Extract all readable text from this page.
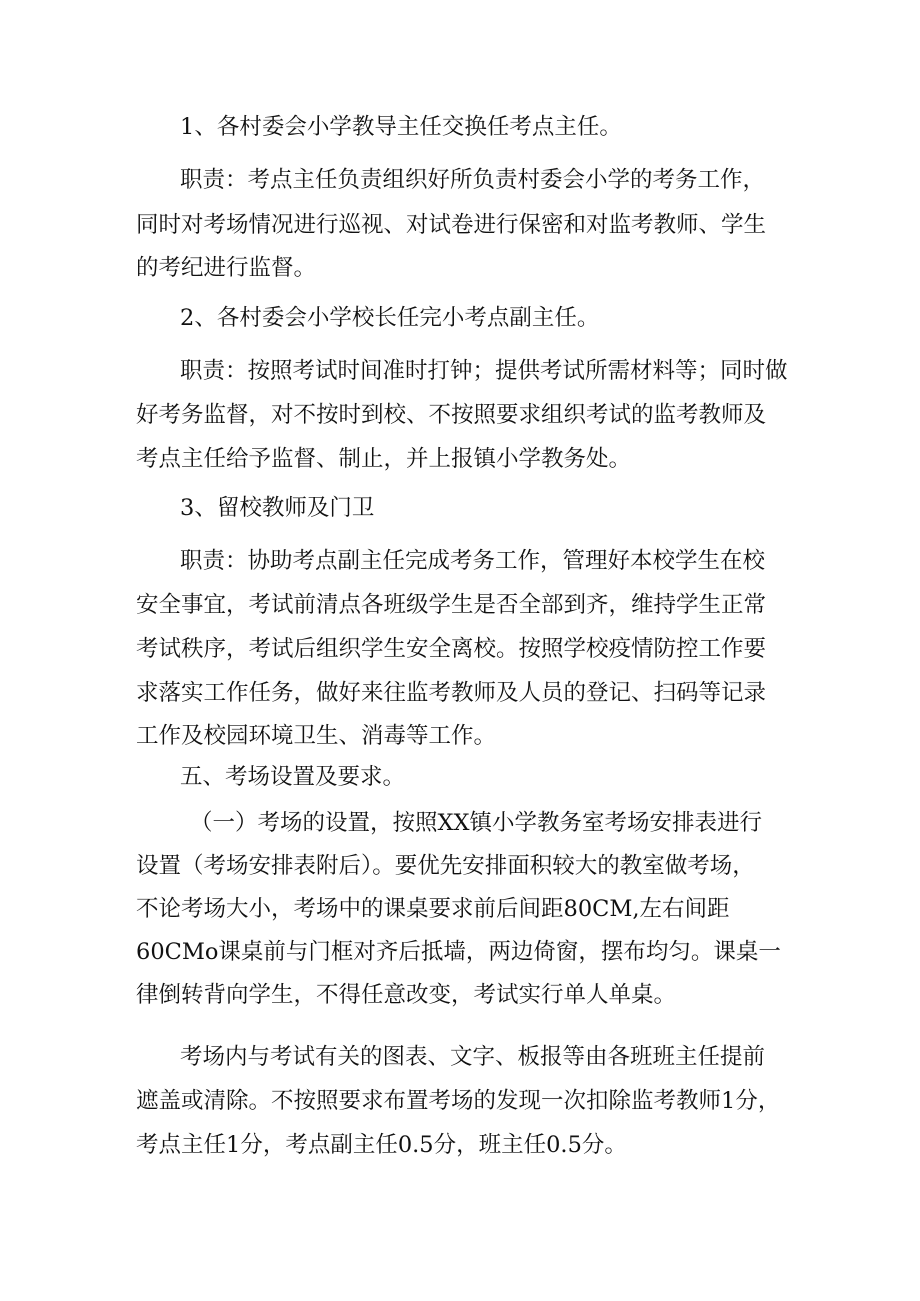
1、各村委会小学教导主任交换任考点主任。
职责：考点主任负责组织好所负责村委会小学的考务工作，
同时对考场情况进行巡视、对试卷进行保密和对监考教师、学生
的考纪进行监督。
2、各村委会小学校长任完小考点副主任。
职责：按照考试时间准时打钟；提供考试所需材料等；同时做
好考务监督，对不按时到校、不按照要求组织考试的监考教师及
考点主任给予监督、制止，并上报镇小学教务处。
3、留校教师及门卫
职责：协助考点副主任完成考务工作，管理好本校学生在校
安全事宜，考试前清点各班级学生是否全部到齐，维持学生正常
考试秩序，考试后组织学生安全离校。按照学校疫情防控工作要
求落实工作任务，做好来往监考教师及人员的登记、扫码等记录
工作及校园环境卫生、消毒等工作。
五、考场设置及要求。
（一）考场的设置，按照XX镇小学教务室考场安排表进行
设置（考场安排表附后）。要优先安排面积较大的教室做考场，
不论考场大小，考场中的课桌要求前后间距80CM,左右间距
60CMo课桌前与门框对齐后抵墙，两边倚窗，摆布均匀。课桌一
律倒转背向学生，不得任意改变，考试实行单人单桌。
考场内与考试有关的图表、文字、板报等由各班班主任提前
遮盖或清除。不按照要求布置考场的发现一次扣除监考教师1分，
考点主任1分，考点副主任0.5分，班主任0.5分。
